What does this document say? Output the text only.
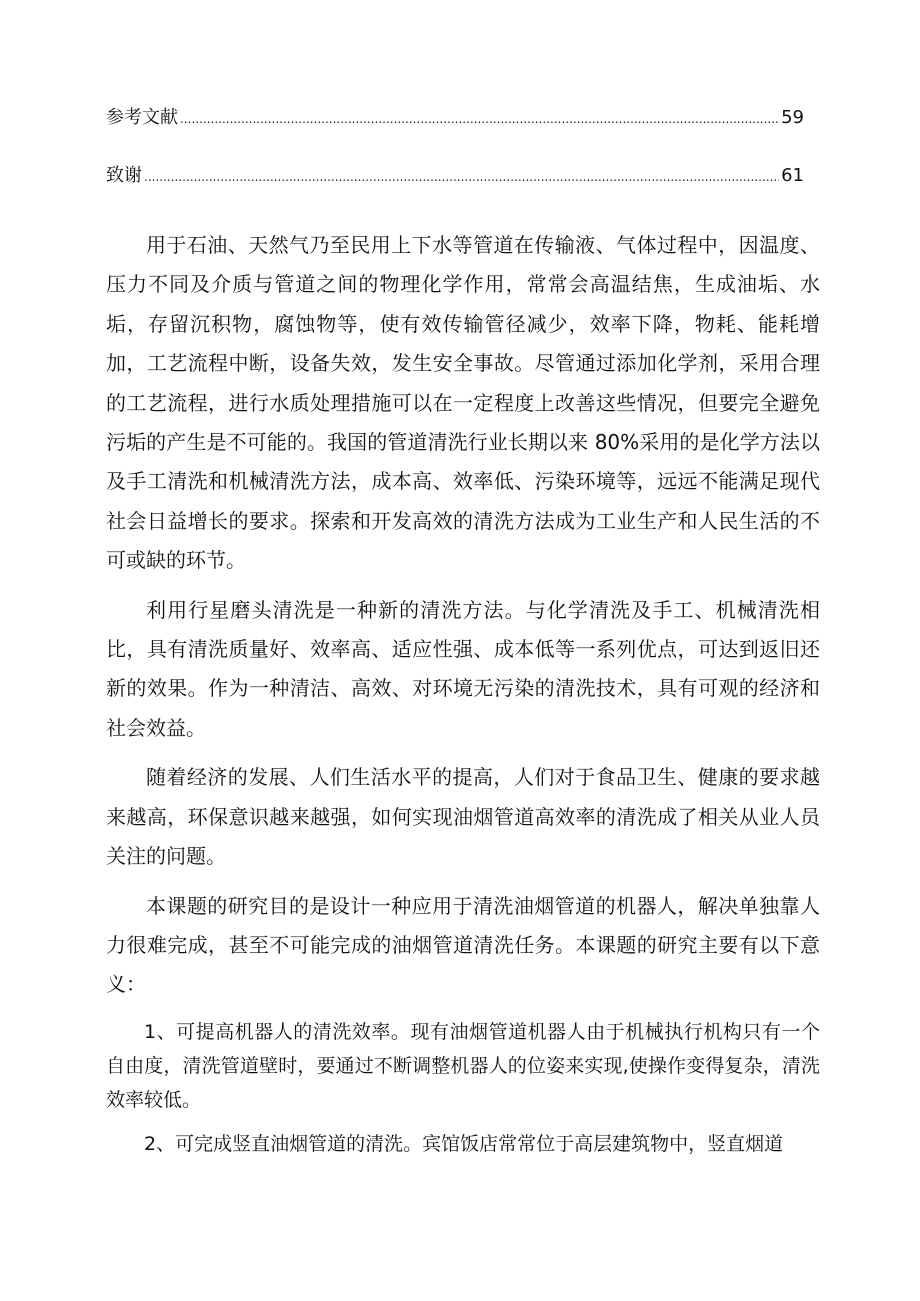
参考文献 .....	59
致谢 .....	61

用于石油、天然气乃至民用上下水等管道在传输液、气体过程中，因温度、压力不同及介质与管道之间的物理化学作用，常常会高温结焦，生成油垢、水垢，存留沉积物，腐蚀物等，使有效传输管径减少，效率下降，物耗、能耗增加，工艺流程中断，设备失效，发生安全事故。尽管通过添加化学剂，采用合理的工艺流程，进行水质处理措施可以在一定程度上改善这些情况，但要完全避免污垢的产生是不可能的。我国的管道清洗行业长期以来 80%采用的是化学方法以及手工清洗和机械清洗方法，成本高、效率低、污染环境等，远远不能满足现代社会日益增长的要求。探索和开发高效的清洗方法成为工业生产和人民生活的不可或缺的环节。

利用行星磨头清洗是一种新的清洗方法。与化学清洗及手工、机械清洗相比，具有清洗质量好、效率高、适应性强、成本低等一系列优点，可达到返旧还新的效果。作为一种清洁、高效、对环境无污染的清洗技术，具有可观的经济和社会效益。

随着经济的发展、人们生活水平的提高，人们对于食品卫生、健康的要求越来越高，环保意识越来越强，如何实现油烟管道高效率的清洗成了相关从业人员关注的问题。

本课题的研究目的是设计一种应用于清洗油烟管道的机器人，解决单独靠人力很难完成，甚至不可能完成的油烟管道清洗任务。本课题的研究主要有以下意义：

1、可提高机器人的清洗效率。现有油烟管道机器人由于机械执行机构只有一个自由度，清洗管道壁时，要通过不断调整机器人的位姿来实现,使操作变得复杂，清洗效率较低。

2、可完成竖直油烟管道的清洗。宾馆饭店常常位于高层建筑物中，竖直烟道
